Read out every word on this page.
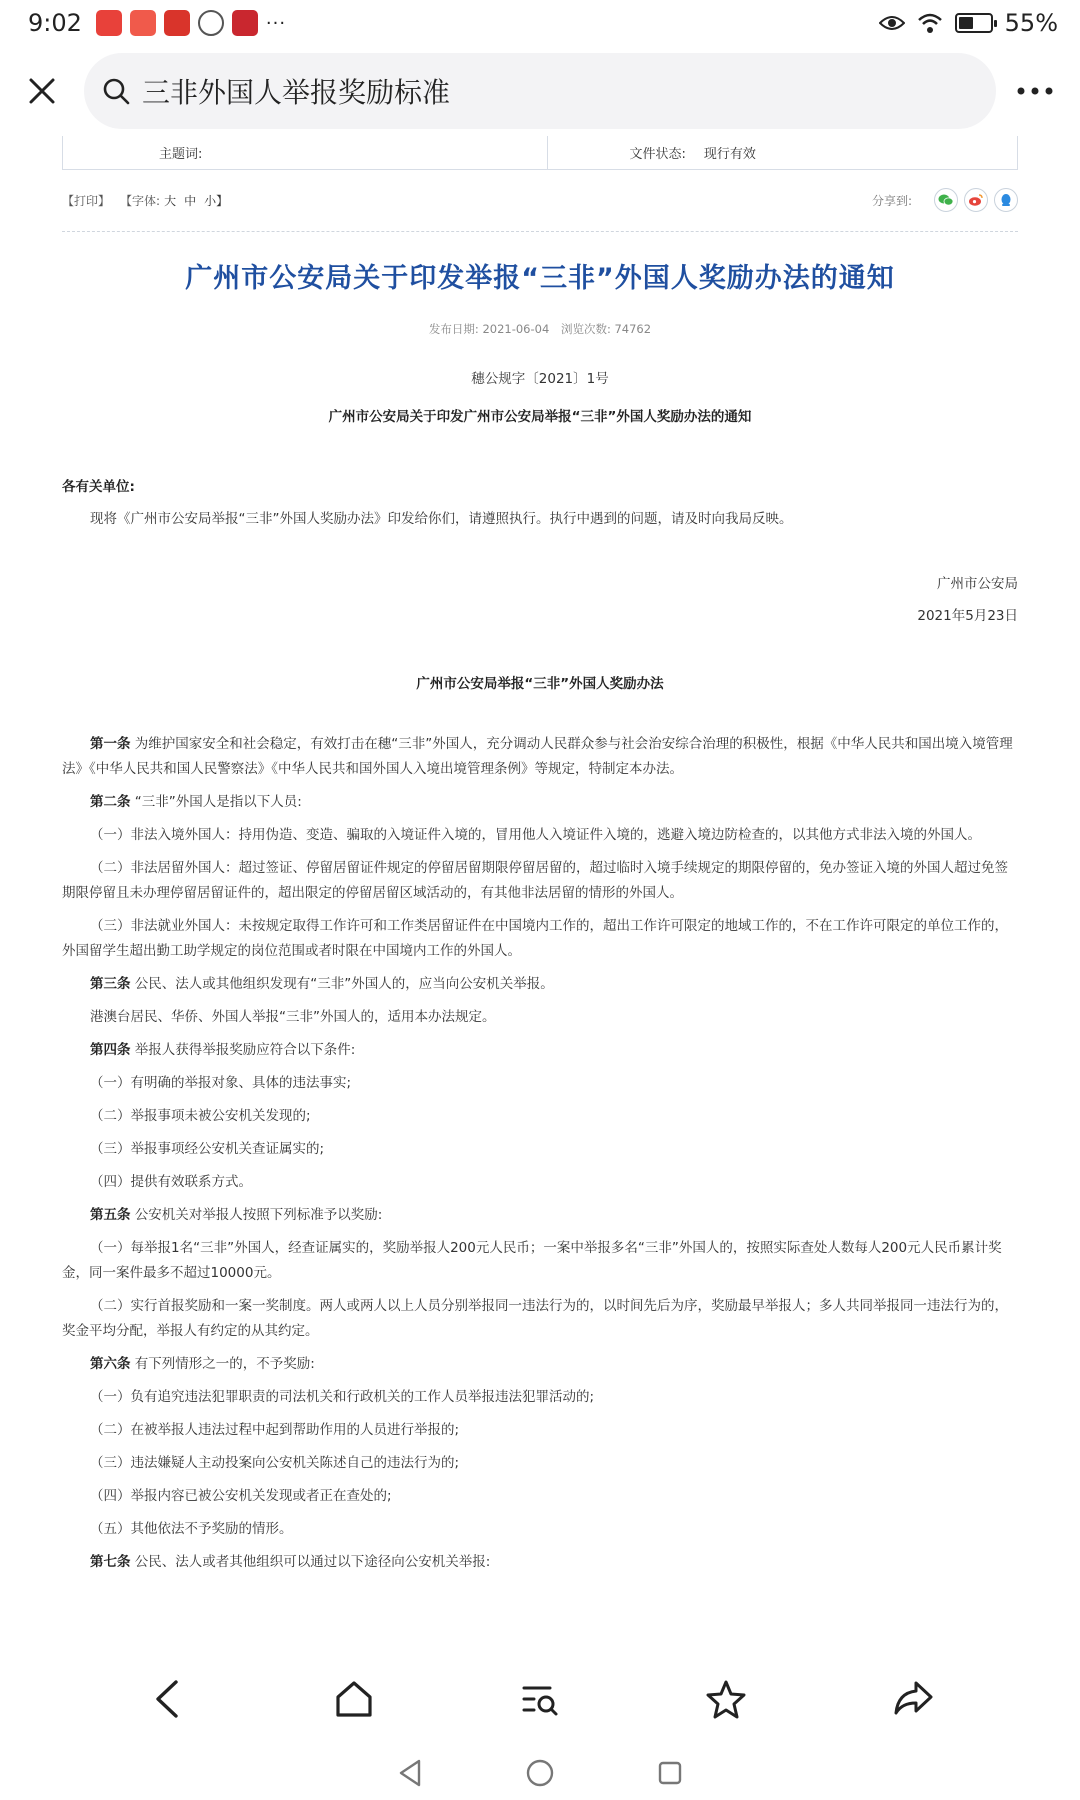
9:02	···	55%
三非外国人举报奖励标准
主题词:	文件状态: 现行有效
【打印】 【字体: 大 中 小】	分享到:
广州市公安局关于印发举报“三非”外国人奖励办法的通知
发布日期: 2021-06-04 浏览次数: 74762
穗公规字〔2021〕1号
广州市公安局关于印发广州市公安局举报“三非”外国人奖励办法的通知
各有关单位:
现将《广州市公安局举报“三非”外国人奖励办法》印发给你们，请遵照执行。执行中遇到的问题，请及时向我局反映。
广州市公安局
2021年5月23日
广州市公安局举报“三非”外国人奖励办法
第一条 为维护国家安全和社会稳定，有效打击在穗“三非”外国人，充分调动人民群众参与社会治安综合治理的积极性，根据《中华人民共和国出境入境管理法》《中华人民共和国人民警察法》《中华人民共和国外国人入境出境管理条例》等规定，特制定本办法。
第二条 “三非”外国人是指以下人员:
（一）非法入境外国人：持用伪造、变造、骗取的入境证件入境的，冒用他人入境证件入境的，逃避入境边防检查的，以其他方式非法入境的外国人。
（二）非法居留外国人：超过签证、停留居留证件规定的停留居留期限停留居留的，超过临时入境手续规定的期限停留的，免办签证入境的外国人超过免签期限停留且未办理停留居留证件的，超出限定的停留居留区域活动的，有其他非法居留的情形的外国人。
（三）非法就业外国人：未按规定取得工作许可和工作类居留证件在中国境内工作的，超出工作许可限定的地域工作的，不在工作许可限定的单位工作的，外国留学生超出勤工助学规定的岗位范围或者时限在中国境内工作的外国人。
第三条 公民、法人或其他组织发现有“三非”外国人的，应当向公安机关举报。
港澳台居民、华侨、外国人举报“三非”外国人的，适用本办法规定。
第四条 举报人获得举报奖励应符合以下条件:
（一）有明确的举报对象、具体的违法事实;
（二）举报事项未被公安机关发现的;
（三）举报事项经公安机关查证属实的;
（四）提供有效联系方式。
第五条 公安机关对举报人按照下列标准予以奖励:
（一）每举报1名“三非”外国人，经查证属实的，奖励举报人200元人民币；一案中举报多名“三非”外国人的，按照实际查处人数每人200元人民币累计奖金，同一案件最多不超过10000元。
（二）实行首报奖励和一案一奖制度。两人或两人以上人员分别举报同一违法行为的，以时间先后为序，奖励最早举报人；多人共同举报同一违法行为的，奖金平均分配，举报人有约定的从其约定。
第六条 有下列情形之一的，不予奖励:
（一）负有追究违法犯罪职责的司法机关和行政机关的工作人员举报违法犯罪活动的;
（二）在被举报人违法过程中起到帮助作用的人员进行举报的;
（三）违法嫌疑人主动投案向公安机关陈述自己的违法行为的;
（四）举报内容已被公安机关发现或者正在查处的;
（五）其他依法不予奖励的情形。
第七条 公民、法人或者其他组织可以通过以下途径向公安机关举报:
